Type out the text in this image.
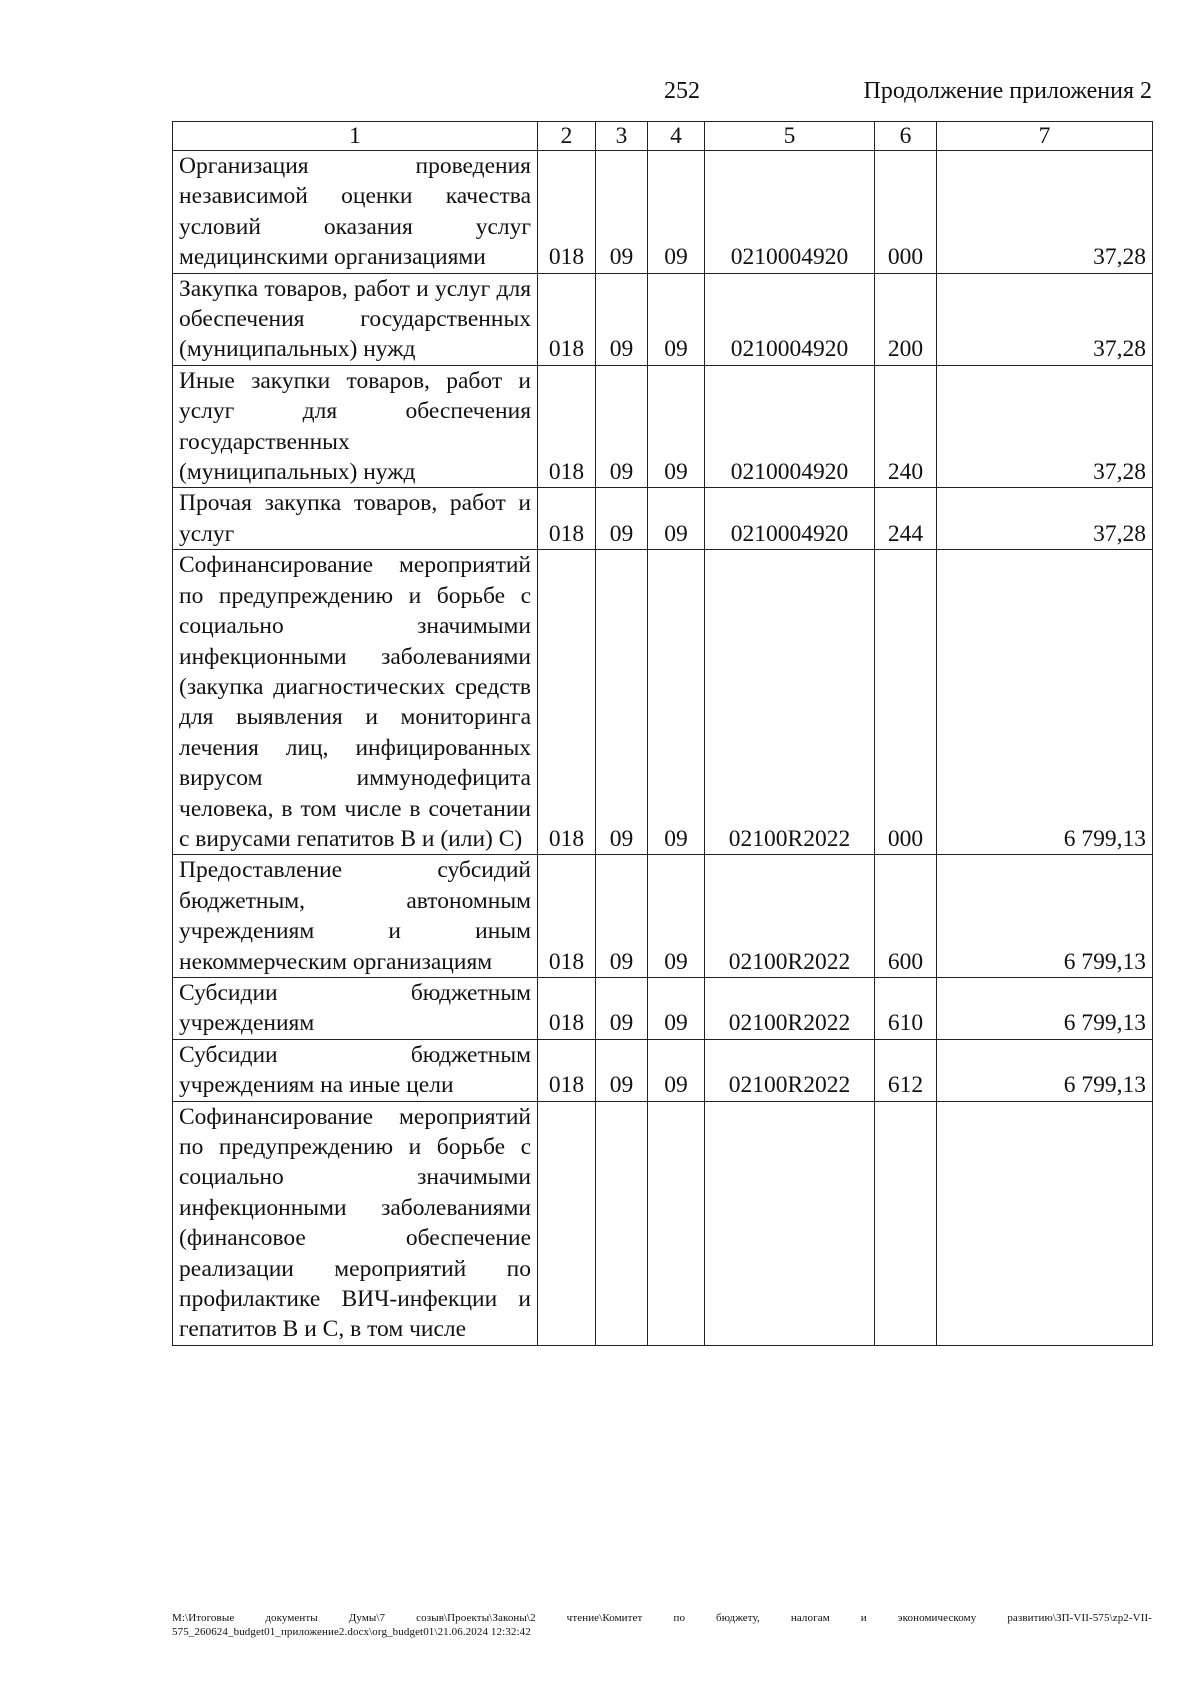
252	Продолжение приложения 2
1	2	3	4	5	6	7
Организация проведения независимой оценки качества условий оказания услуг медицинскими организациями	018	09	09	0210004920	000	37,28
Закупка товаров, работ и услуг для обеспечения государственных (муниципальных) нужд	018	09	09	0210004920	200	37,28
Иные закупки товаров, работ и услуг для обеспечения государственных (муниципальных) нужд	018	09	09	0210004920	240	37,28
Прочая закупка товаров, работ и услуг	018	09	09	0210004920	244	37,28
Софинансирование мероприятий по предупреждению и борьбе с социально значимыми инфекционными заболеваниями (закупка диагностических средств для выявления и мониторинга лечения лиц, инфицированных вирусом иммунодефицита человека, в том числе в сочетании с вирусами гепатитов B и (или) C)	018	09	09	02100R2022	000	6 799,13
Предоставление субсидий бюджетным, автономным учреждениям и иным некоммерческим организациям	018	09	09	02100R2022	600	6 799,13
Субсидии бюджетным учреждениям	018	09	09	02100R2022	610	6 799,13
Субсидии бюджетным учреждениям на иные цели	018	09	09	02100R2022	612	6 799,13
Софинансирование мероприятий по предупреждению и борьбе с социально значимыми инфекционными заболеваниями (финансовое обеспечение реализации мероприятий по профилактике ВИЧ-инфекции и гепатитов B и C, в том числе						
M:\Итоговые документы Думы\7 созыв\Проекты\Законы\2 чтение\Комитет по бюджету, налогам и экономическому развитию\ЗП-VII-575\zp2-VII-575_260624_budget01_приложение2.docx\org_budget01\21.06.2024 12:32:42
